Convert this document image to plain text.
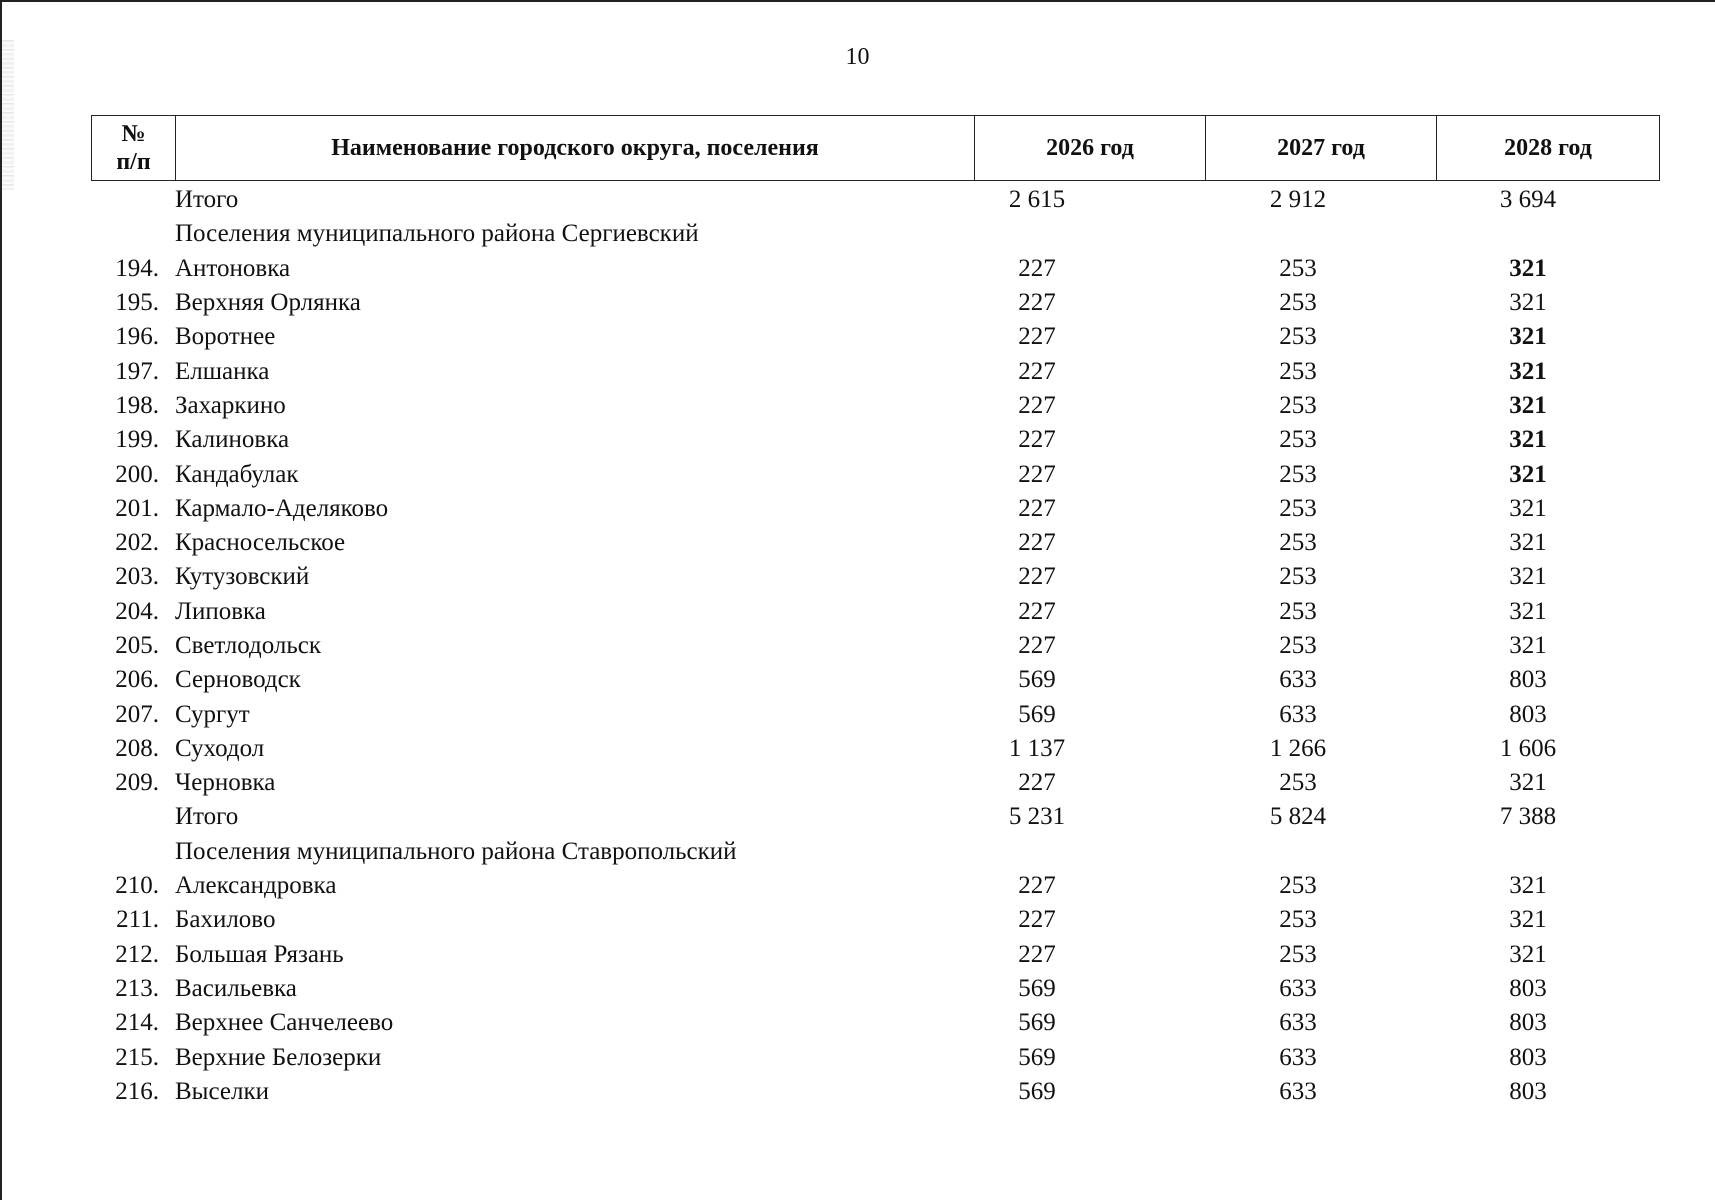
10
№
п/п	Наименование городского округа, поселения	2026 год	2027 год	2028 год
Итого	2 615	2 912	3 694
Поселения муниципального района Сергиевский
194. Антоновка	227	253	321
195. Верхняя Орлянка	227	253	321
196. Воротнее	227	253	321
197. Елшанка	227	253	321
198. Захаркино	227	253	321
199. Калиновка	227	253	321
200. Кандабулак	227	253	321
201. Кармало-Аделяково	227	253	321
202. Красносельское	227	253	321
203. Кутузовский	227	253	321
204. Липовка	227	253	321
205. Светлодольск	227	253	321
206. Серноводск	569	633	803
207. Сургут	569	633	803
208. Суходол	1 137	1 266	1 606
209. Черновка	227	253	321
Итого	5 231	5 824	7 388
Поселения муниципального района Ставропольский
210. Александровка	227	253	321
211. Бахилово	227	253	321
212. Большая Рязань	227	253	321
213. Васильевка	569	633	803
214. Верхнее Санчелеево	569	633	803
215. Верхние Белозерки	569	633	803
216. Выселки	569	633	803
